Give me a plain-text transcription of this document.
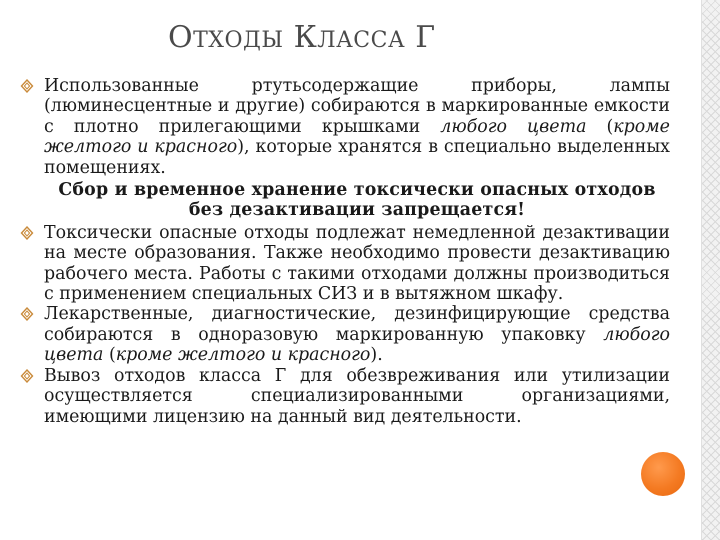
ОТХОДЫ КЛАССА Г
Использованные ртутьсодержащие приборы, лампы (люминесцентные и другие) собираются в маркированные емкости с плотно прилегающими крышками любого цвета (кроме желтого и красного), которые хранятся в специально выделенных помещениях.
Сбор и временное хранение токсически опасных отходов без дезактивации запрещается!
Токсически опасные отходы подлежат немедленной дезактивации на месте образования. Также необходимо провести дезактивацию рабочего места. Работы с такими отходами должны производиться с применением специальных СИЗ и в вытяжном шкафу.
Лекарственные, диагностические, дезинфицирующие средства собираются в одноразовую маркированную упаковку любого цвета (кроме желтого и красного).
Вывоз отходов класса Г для обезвреживания или утилизации осуществляется специализированными организациями, имеющими лицензию на данный вид деятельности.
